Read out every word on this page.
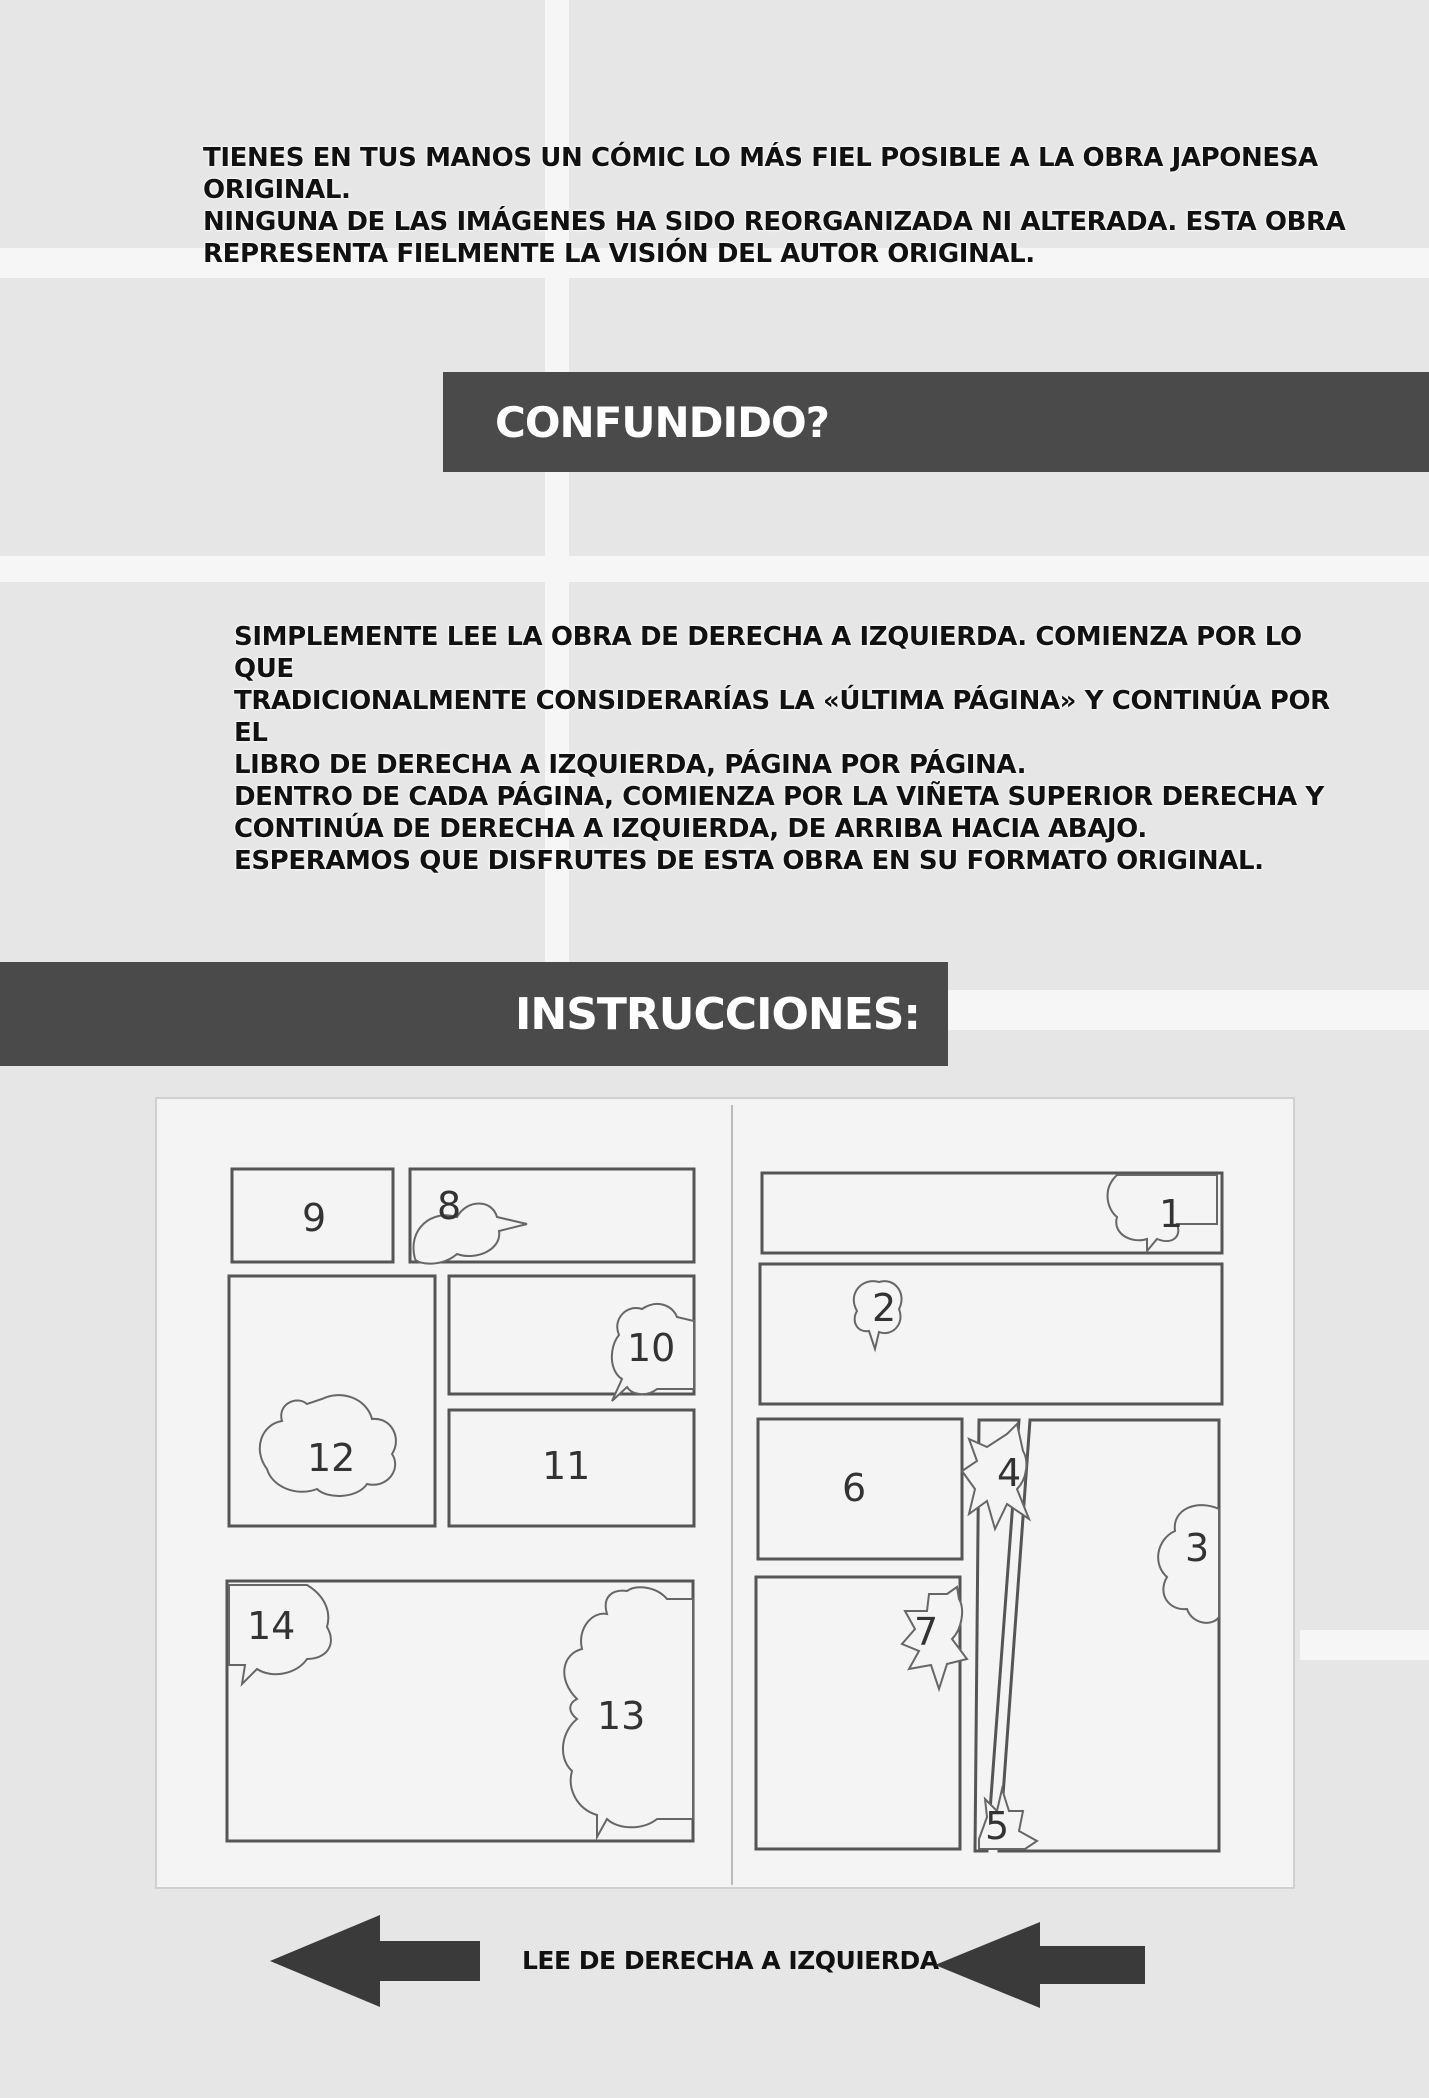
TIENES EN TUS MANOS UN CÓMIC LO MÁS FIEL POSIBLE A LA OBRA JAPONESA ORIGINAL.
NINGUNA DE LAS IMÁGENES HA SIDO REORGANIZADA NI ALTERADA. ESTA OBRA
REPRESENTA FIELMENTE LA VISIÓN DEL AUTOR ORIGINAL.
CONFUNDIDO?
SIMPLEMENTE LEE LA OBRA DE DERECHA A IZQUIERDA. COMIENZA POR LO QUE
TRADICIONALMENTE CONSIDERARÍAS LA «ÚLTIMA PÁGINA» Y CONTINÚA POR EL
LIBRO DE DERECHA A IZQUIERDA, PÁGINA POR PÁGINA.
DENTRO DE CADA PÁGINA, COMIENZA POR LA VIÑETA SUPERIOR DERECHA Y
CONTINÚA DE DERECHA A IZQUIERDA, DE ARRIBA HACIA ABAJO.
ESPERAMOS QUE DISFRUTES DE ESTA OBRA EN SU FORMATO ORIGINAL.
INSTRUCCIONES:
9	8
10
12	11
14
13
1
2
6	4
3
7
5
LEE DE DERECHA A IZQUIERDA
